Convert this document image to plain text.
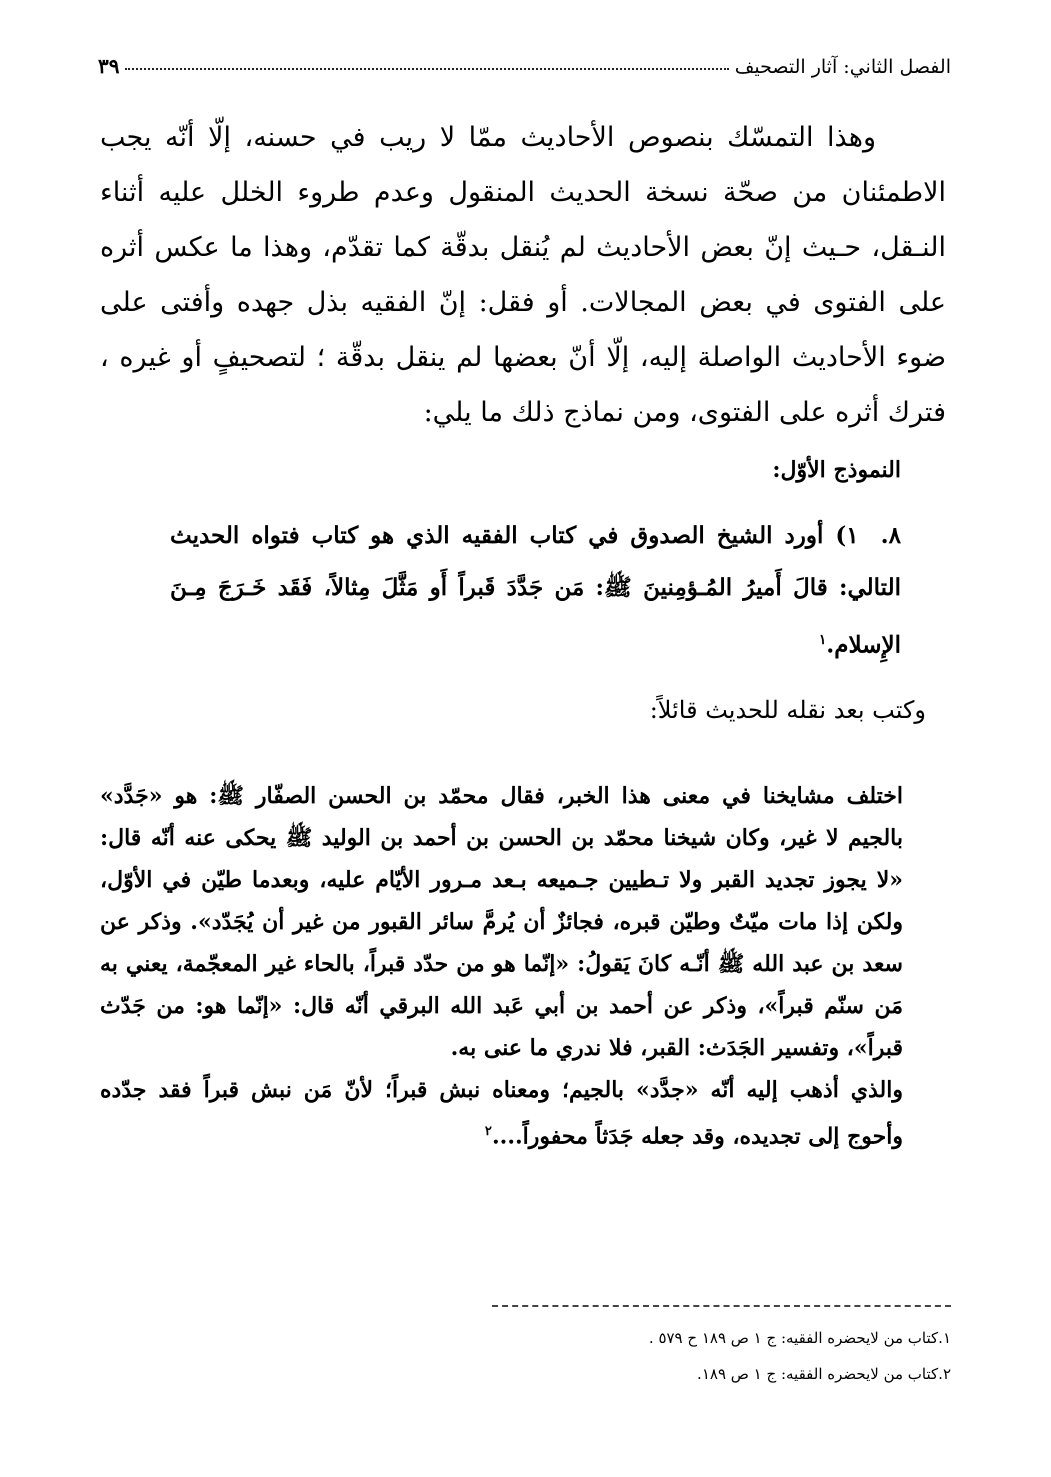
الفصل الثاني: آثار التصحيف
٣٩
وهذا التمسّك بنصوص الأحاديث ممّا لا ريب في حسنه، إلّا أنّه يجب الاطمئنان من صحّة نسخة الحديث المنقول وعدم طروء الخلل عليه أثناء النـقل، حـيث إنّ بعض الأحاديث لم يُنقل بدقّة كما تقدّم، وهذا ما عكس أثره على الفتوى في بعض المجالات. أو فقل: إنّ الفقيه بذل جهده وأفتى على ضوء الأحاديث الواصلة إليه، إلّا أنّ بعضها لم ينقل بدقّة ؛ لتصحيفٍ أو غيره ، فترك أثره على الفتوى، ومن نماذج ذلك ما يلي:
النموذج الأوّل:
٨. ١) أورد الشيخ الصدوق في كتاب الفقيه الذي هو كتاب فتواه الحديث التالي: قالَ أَميرُ المُـؤمِنينَ ﷺ: مَن جَدَّدَ قَبراً أَو مَثَّلَ مِثالاً، فَقَد خَـرَجَ مِـنَ الإِسلام.$^١$
وكتب بعد نقله للحديث قائلاً:
اختلف مشايخنا في معنى هذا الخبر، فقال محمّد بن الحسن الصفّار ﷺ: هو «جَدَّد» بالجيم لا غير، وكان شيخنا محمّد بن الحسن بن أحمد بن الوليد ﷺ يحكى عنه أنّه قال: «لا يجوز تجديد القبر ولا تـطيين جـميعه بـعد مـرور الأيّام عليه، وبعدما طيّن في الأوّل، ولكن إذا مات ميّتٌ وطيّن قبره، فجائزٌ أن يُرمَّ سائر القبور من غير أن يُجَدّد». وذكر عن سعد بن عبد الله ﷺ أنّـه كانَ يَقولُ: «إنّما هو من حدّد قبراً، بالحاء غير المعجّمة، يعني به مَن سنّم قبراً»، وذكر عن أحمد بن أبي عَبد الله البرقي أنّه قال: «إنّما هو: من جَدّث قبراً»، وتفسير الجَدَث: القبر، فلا ندري ما عنى به.
والذي أذهب إليه أنّه «جدَّد» بالجيم؛ ومعناه نبش قبراً؛ لأنّ مَن نبش قبراً فقد جدّده وأحوج إلى تجديده، وقد جعله جَدَثاً محفوراً....$^٢$
١.كتاب من لايحضره الفقيه: ج ١ ص ١٨٩ ح ٥٧٩ .
٢.كتاب من لايحضره الفقيه: ج ١ ص ١٨٩.
